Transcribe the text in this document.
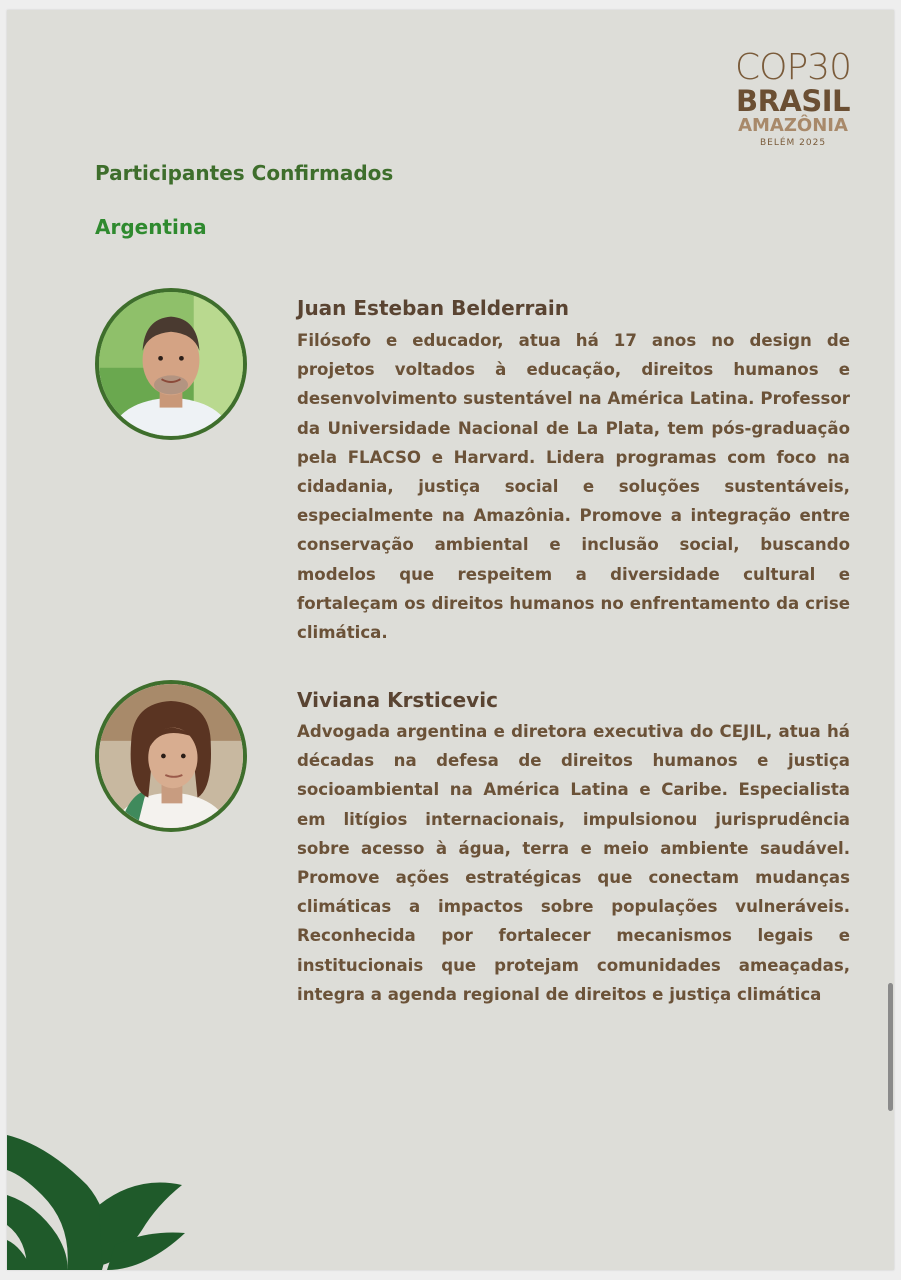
COP30
BRASIL
AMAZÔNIA
BELÉM 2025
Participantes Confirmados
Argentina
Juan Esteban Belderrain

Filósofo e educador, atua há 17 anos no design de projetos voltados à educação, direitos humanos e desenvolvimento sustentável na América Latina. Professor da Universidade Nacional de La Plata, tem pós-graduação pela FLACSO e Harvard. Lidera programas com foco na cidadania, justiça social e soluções sustentáveis, especialmente na Amazônia. Promove a integração entre conservação ambiental e inclusão social, buscando modelos que respeitem a diversidade cultural e fortaleçam os direitos humanos no enfrentamento da crise climática.

Viviana Krsticevic

Advogada argentina e diretora executiva do CEJIL, atua há décadas na defesa de direitos humanos e justiça socioambiental na América Latina e Caribe. Especialista em litígios internacionais, impulsionou jurisprudência sobre acesso à água, terra e meio ambiente saudável. Promove ações estratégicas que conectam mudanças climáticas a impactos sobre populações vulneráveis. Reconhecida por fortalecer mecanismos legais e institucionais que protejam comunidades ameaçadas, integra a agenda regional de direitos e justiça climática
